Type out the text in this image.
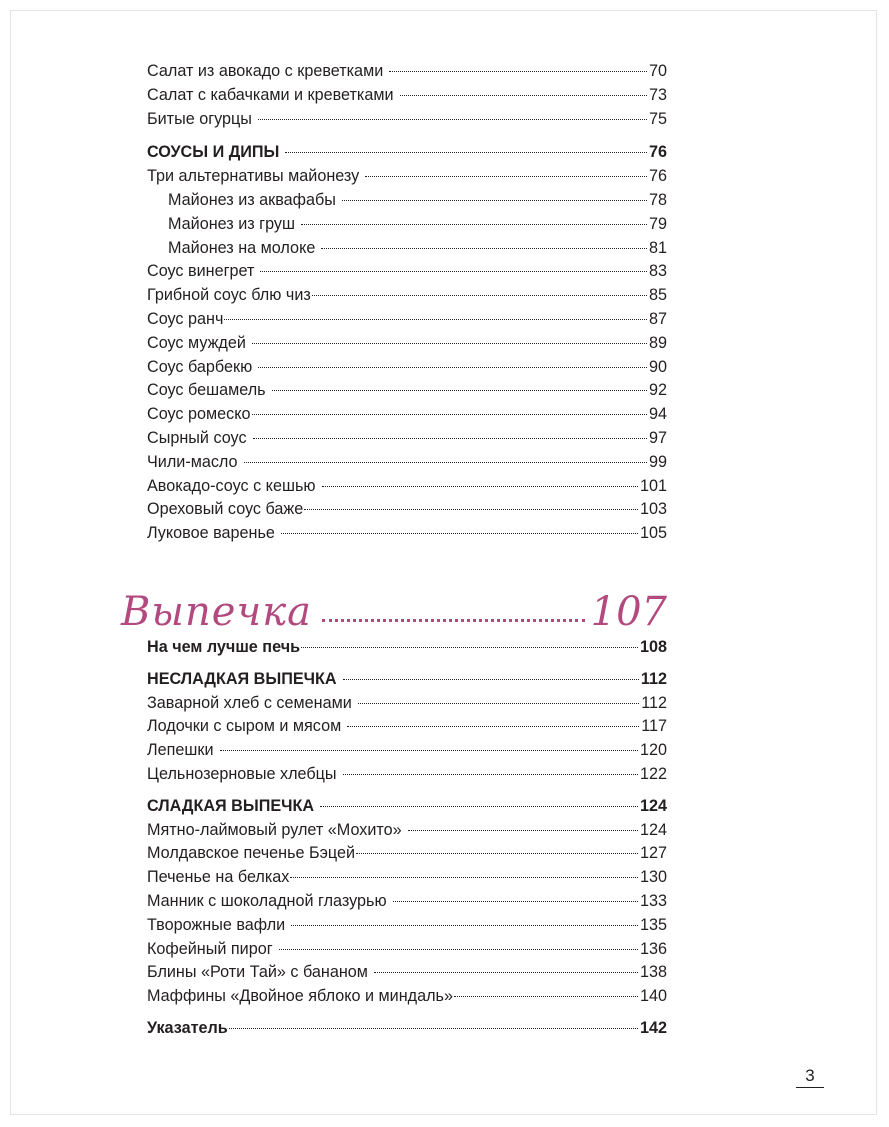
Салат из авокадо с креветками	70
Салат с кабачками и креветками	73
Битые огурцы	75
СОУСЫ И ДИПЫ	76
Три альтернативы майонезу	76
Майонез из аквафабы	78
Майонез из груш	79
Майонез на молоке	81
Соус винегрет	83
Грибной соус блю чиз	85
Соус ранч	87
Соус муждей	89
Соус барбекю	90
Соус бешамель	92
Соус ромеско	94
Сырный соус	97
Чили-масло	99
Авокадо-соус с кешью	101
Ореховый соус баже	103
Луковое варенье	105
Выпечка	107
На чем лучше печь	108
НЕСЛАДКАЯ ВЫПЕЧКА	112
Заварной хлеб с семенами	112
Лодочки с сыром и мясом	117
Лепешки	120
Цельнозерновые хлебцы	122
СЛАДКАЯ ВЫПЕЧКА	124
Мятно-лаймовый рулет «Мохито»	124
Молдавское печенье Бэцей	127
Печенье на белках	130
Манник с шоколадной глазурью	133
Творожные вафли	135
Кофейный пирог	136
Блины «Роти Тай» с бананом	138
Маффины «Двойное яблоко и миндаль»	140
Указатель	142
3
